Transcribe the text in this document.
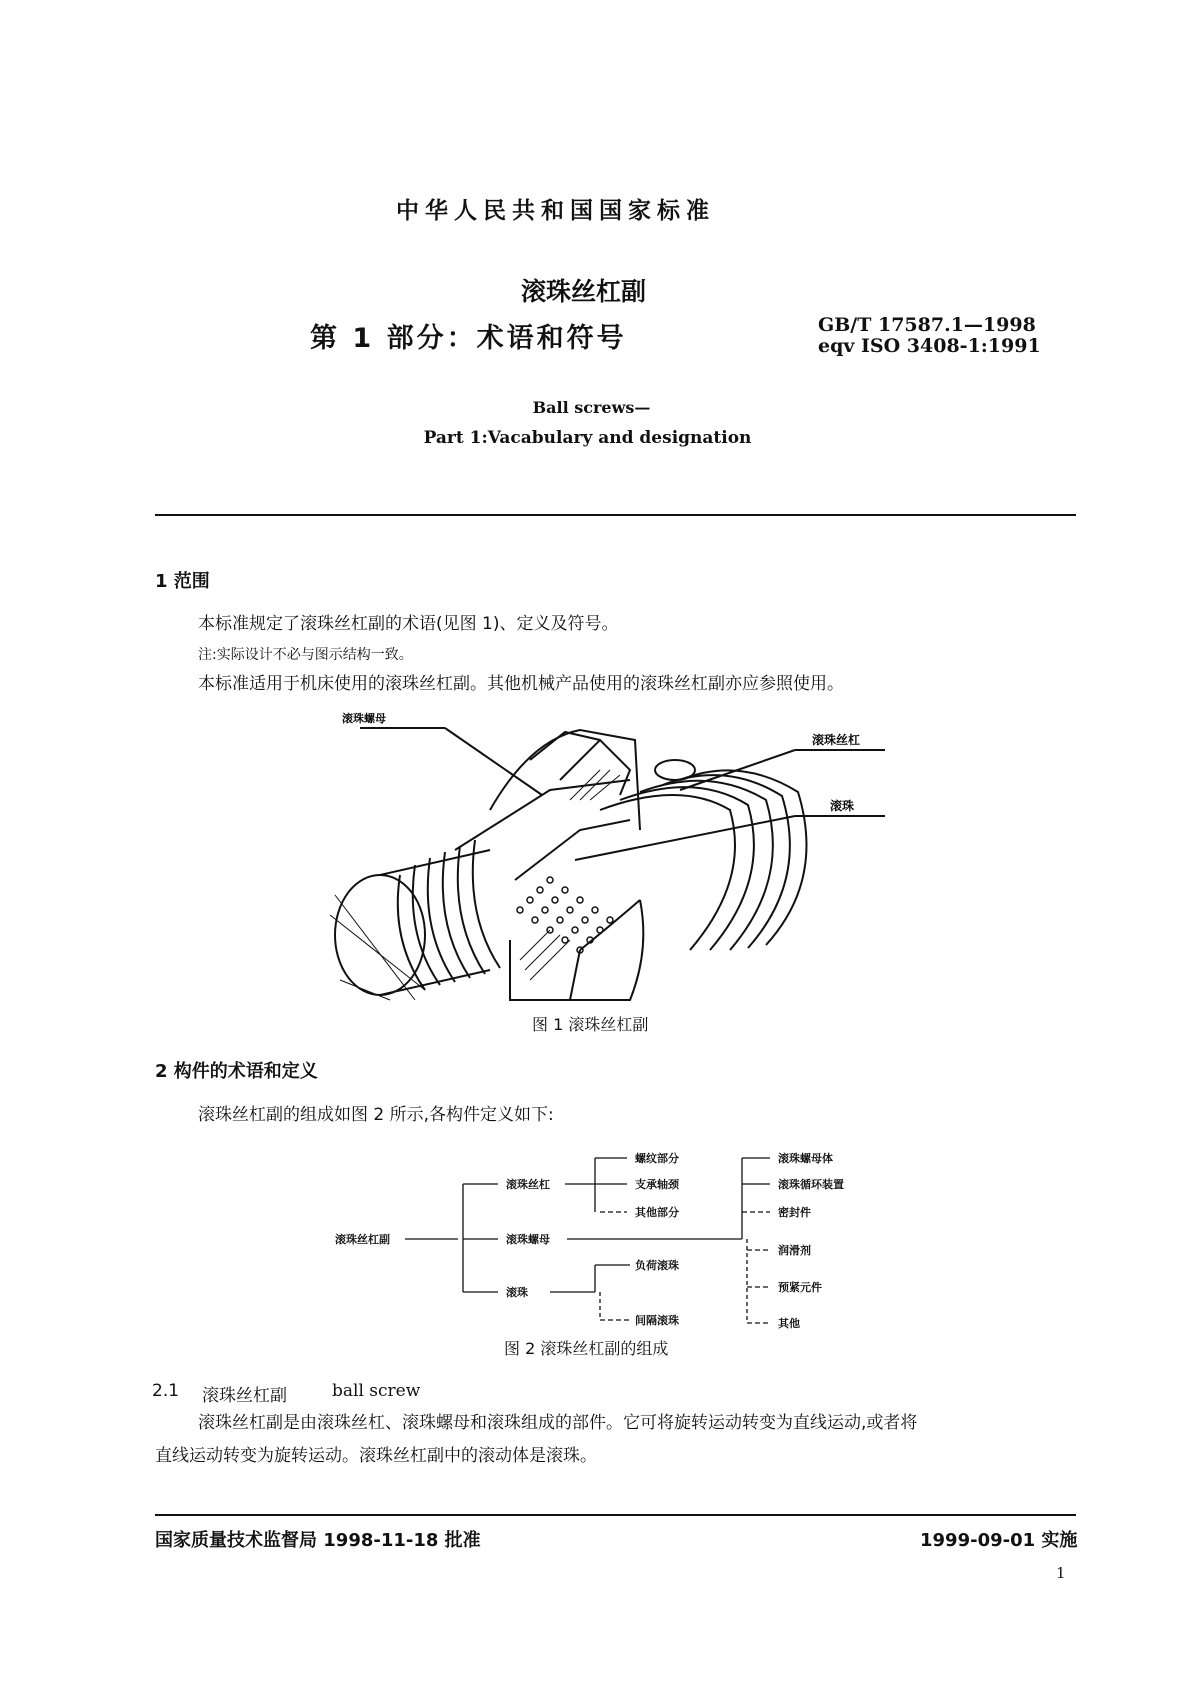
中华人民共和国国家标准
滚珠丝杠副
第 1 部分：术语和符号	GB/T 17587.1—1998
eqv ISO 3408-1:1991
Ball screws—
Part 1:Vacabulary and designation
1 范围
本标准规定了滚珠丝杠副的术语(见图 1)、定义及符号。
注:实际设计不必与图示结构一致。
本标准适用于机床使用的滚珠丝杠副。其他机械产品使用的滚珠丝杠副亦应参照使用。
滚珠螺母
滚珠丝杠
滚珠
图 1 滚珠丝杠副
2 构件的术语和定义
滚珠丝杠副的组成如图 2 所示,各构件定义如下:
滚珠丝杠副
滚珠丝杠
滚珠螺母
滚珠
螺纹部分
支承轴颈
其他部分
负荷滚珠
间隔滚珠
滚珠螺母体
滚珠循环装置
密封件
润滑剂
预紧元件
其他
图 2 滚珠丝杠副的组成
2.1 滚珠丝杠副	ball screw
滚珠丝杠副是由滚珠丝杠、滚珠螺母和滚珠组成的部件。它可将旋转运动转变为直线运动,或者将
直线运动转变为旋转运动。滚珠丝杠副中的滚动体是滚珠。
国家质量技术监督局 1998-11-18 批准	1999-09-01 实施
1
